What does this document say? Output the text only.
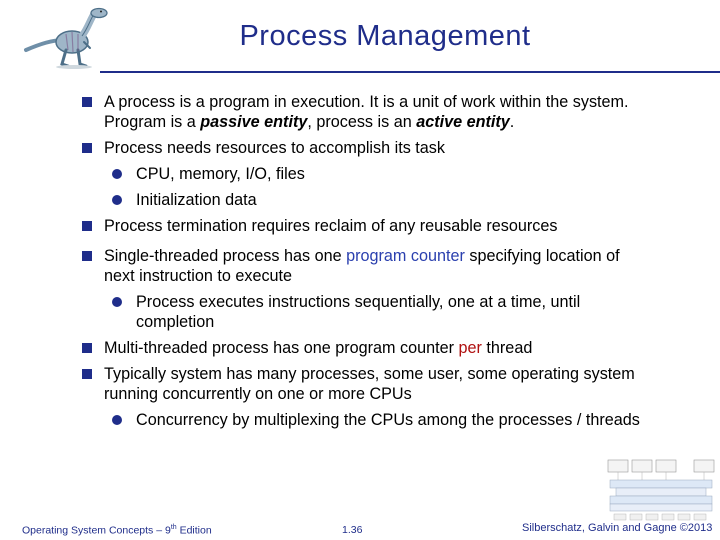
Process Management

A process is a program in execution. It is a unit of work within the system. Program is a passive entity, process is an active entity.

Process needs resources to accomplish its task

CPU, memory, I/O, files

Initialization data

Process termination requires reclaim of any reusable resources

Single-threaded process has one program counter specifying location of next instruction to execute

Process executes instructions sequentially, one at a time, until completion

Multi-threaded process has one program counter per thread

Typically system has many processes, some user, some operating system running concurrently on one or more CPUs

Concurrency by multiplexing the CPUs among the processes / threads

Operating System Concepts – 9th Edition	1.36	Silberschatz, Galvin and Gagne ©2013
